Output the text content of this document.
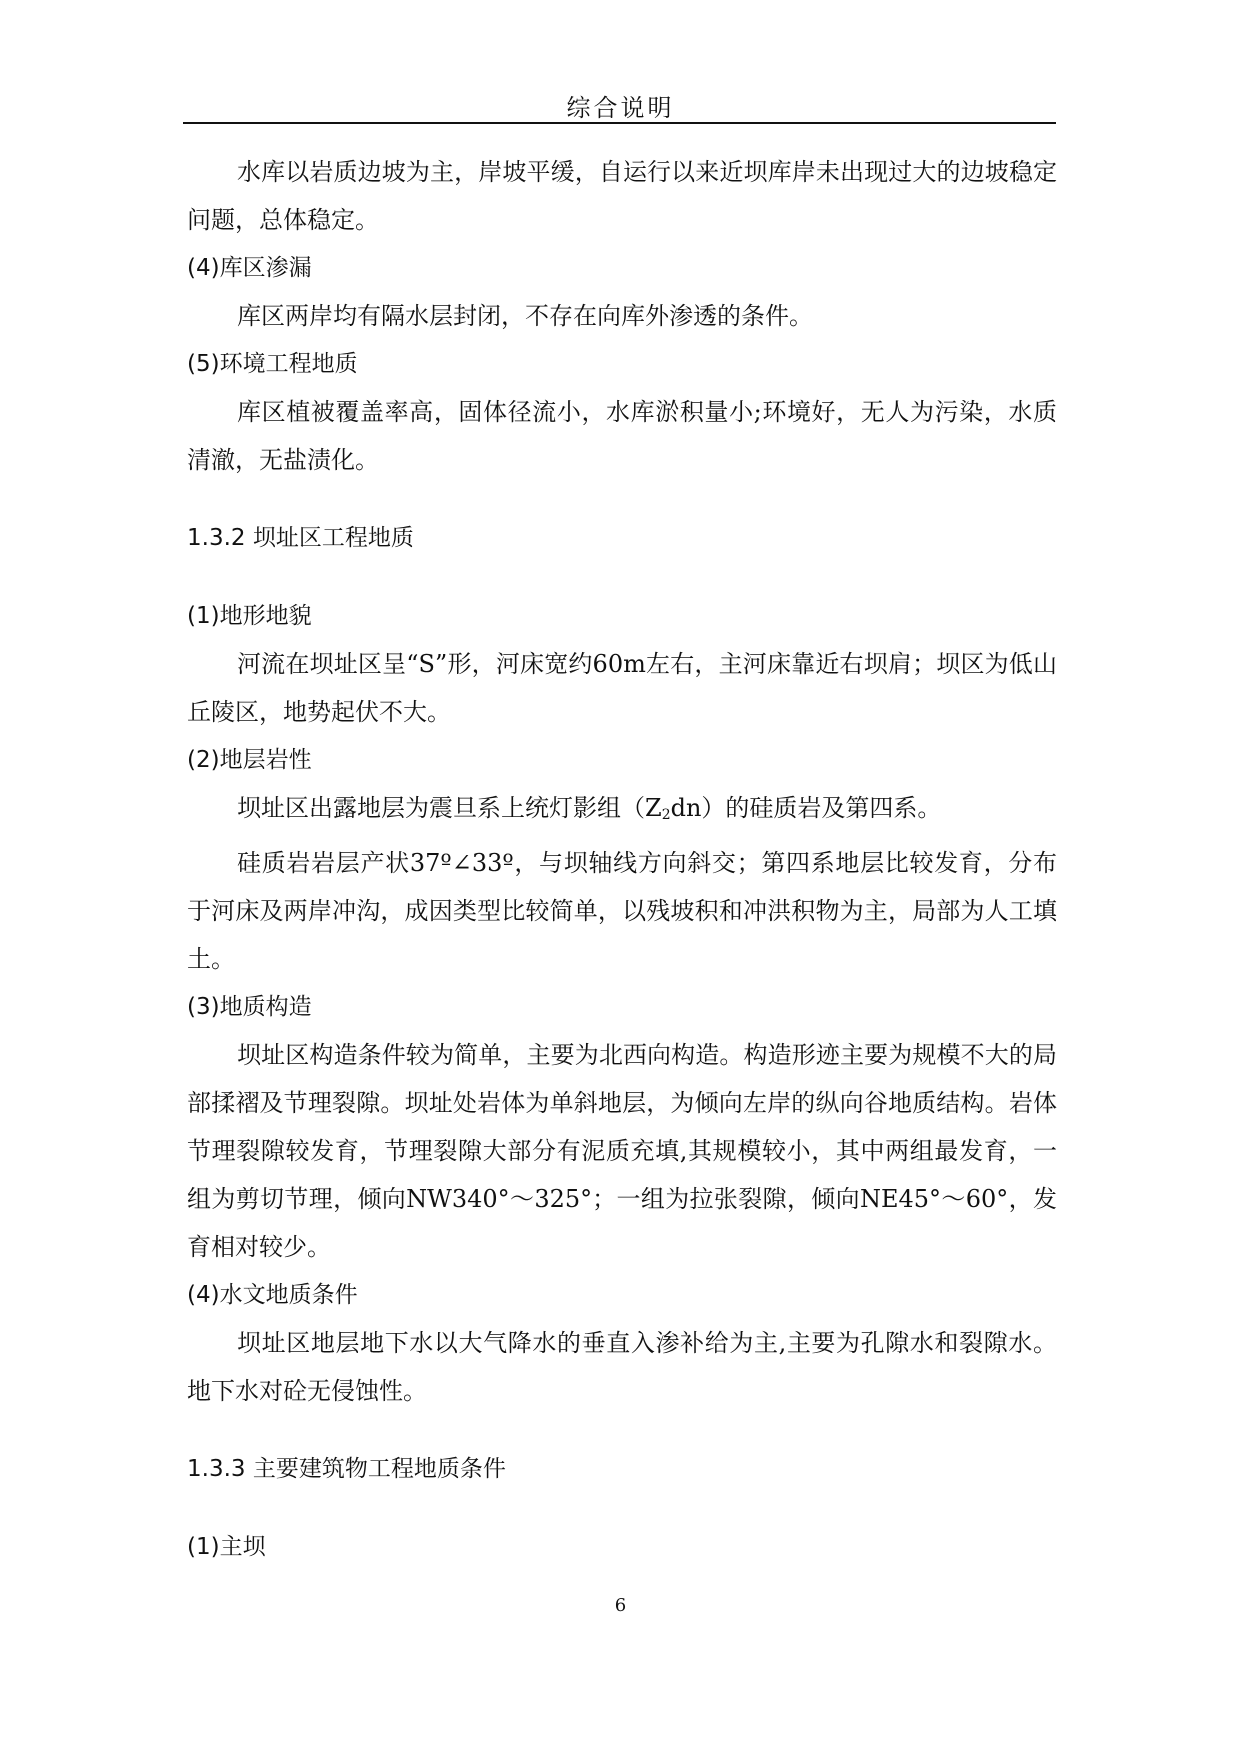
综合说明

水库以岩质边坡为主，岸坡平缓，自运行以来近坝库岸未出现过大的边坡稳定问题，总体稳定。

(4)库区渗漏

库区两岸均有隔水层封闭，不存在向库外渗透的条件。

(5)环境工程地质

库区植被覆盖率高，固体径流小，水库淤积量小;环境好，无人为污染，水质清澈，无盐渍化。

1.3.2 坝址区工程地质

(1)地形地貌

河流在坝址区呈“S”形，河床宽约60m左右，主河床靠近右坝肩；坝区为低山丘陵区，地势起伏不大。

(2)地层岩性

坝址区出露地层为震旦系上统灯影组（Z2dn）的硅质岩及第四系。

硅质岩岩层产状37º∠33º，与坝轴线方向斜交；第四系地层比较发育，分布于河床及两岸冲沟，成因类型比较简单，以残坡积和冲洪积物为主，局部为人工填土。

(3)地质构造

坝址区构造条件较为简单，主要为北西向构造。构造形迹主要为规模不大的局部揉褶及节理裂隙。坝址处岩体为单斜地层，为倾向左岸的纵向谷地质结构。岩体节理裂隙较发育，节理裂隙大部分有泥质充填,其规模较小，其中两组最发育，一组为剪切节理，倾向NW340°～325°；一组为拉张裂隙，倾向NE45°～60°，发育相对较少。

(4)水文地质条件

坝址区地层地下水以大气降水的垂直入渗补给为主,主要为孔隙水和裂隙水。地下水对砼无侵蚀性。

1.3.3 主要建筑物工程地质条件

(1)主坝

6
